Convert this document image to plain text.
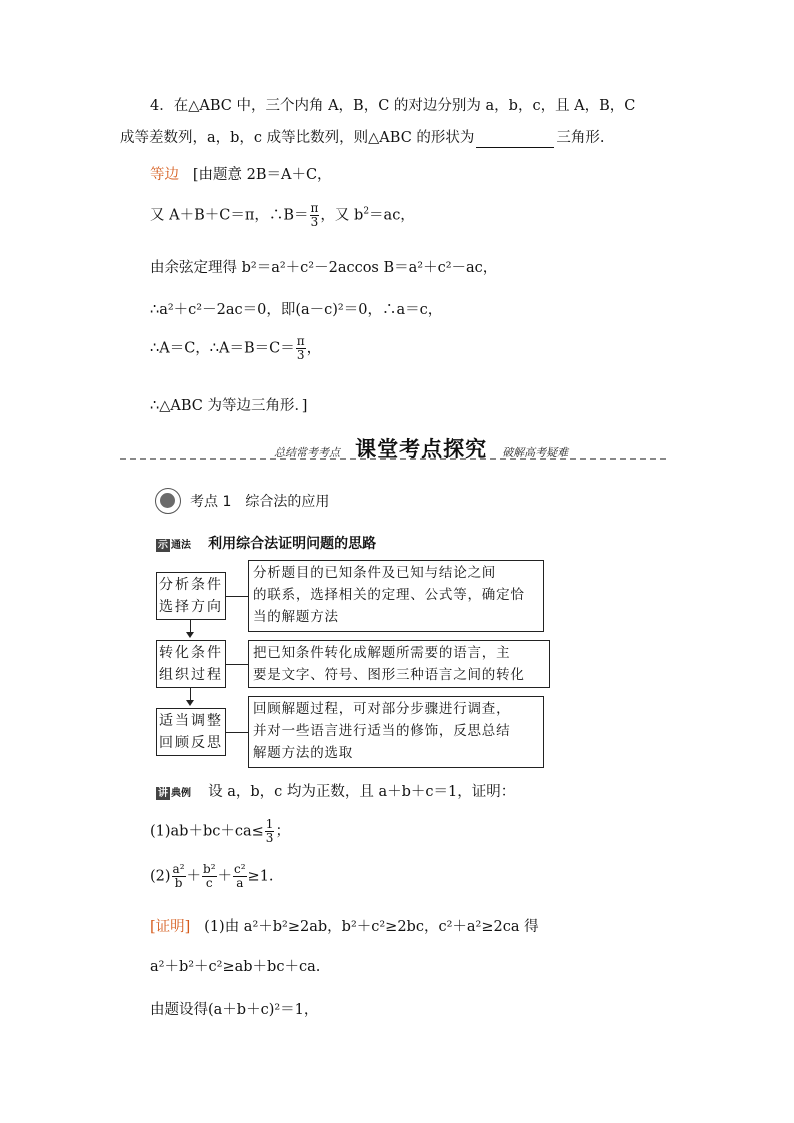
4．在△ABC 中，三个内角 A，B，C 的对边分别为 a，b，c，且 A，B，C
成等差数列，a，b，c 成等比数列，则△ABC 的形状为	三角形.
等边 [由题意 2B＝A＋C，
又 A＋B＋C＝π，∴B＝ $\frac{\pi}{3}$ ，又 $b^2=ac$，
由余弦定理得 b²＝a²＋c²－2accos B＝a²＋c²－ac，
∴a²＋c²－2ac＝0，即(a－c)²＝0，∴a＝c，
∴A＝C，∴A＝B＝C＝ $\frac{\pi}{3}$ ，
∴△ABC 为等边三角形．]
总结常考考点 课堂考点探究 破解高考疑难
考点 1　综合法的应用
示 通法 利用综合法证明问题的思路
分析条件
选择方向
分析题目的已知条件及已知与结论之间
的联系，选择相关的定理、公式等，确定恰
当的解题方法
转化条件
组织过程
把已知条件转化成解题所需要的语言，主
要是文字、符号、图形三种语言之间的转化
适当调整
回顾反思
回顾解题过程，可对部分步骤进行调查，
并对一些语言进行适当的修饰，反思总结
解题方法的选取
讲 典例 设 a，b，c 均为正数，且 a＋b＋c＝1，证明：
$(1)ab+bc+ca\le \frac{1}{3}$ ；
$(2) \frac{\text{a²}}{b} + \frac{\text{b²}}{c} + \frac{\text{c²}}{a} \ge 1$.
[证明] (1)由 a²＋b²≥2ab，b²＋c²≥2bc，c²＋a²≥2ca 得
a²＋b²＋c²≥ab＋bc＋ca.
由题设得(a＋b＋c)²＝1，
